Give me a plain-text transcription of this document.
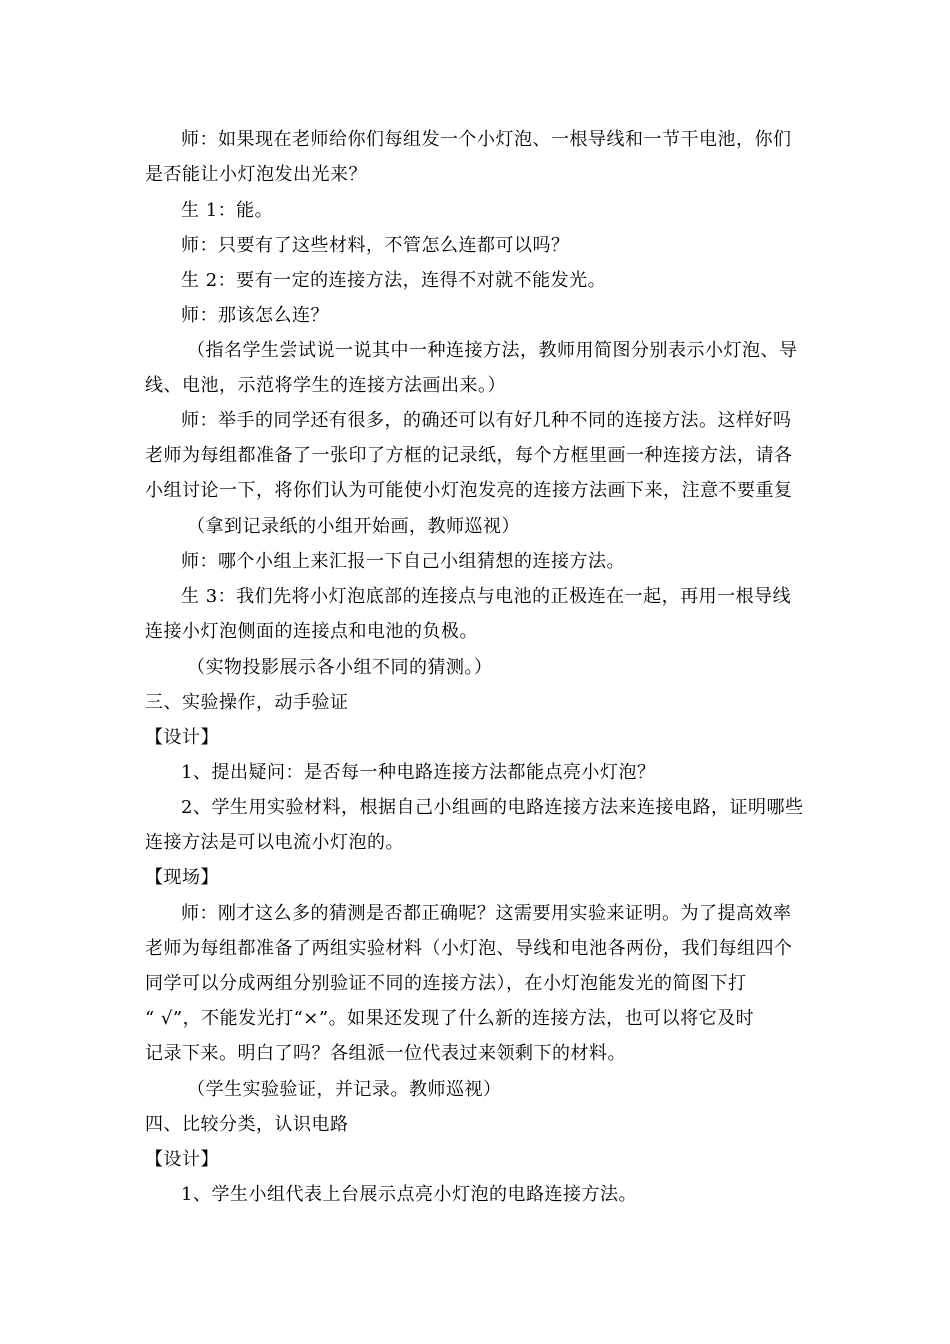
师：如果现在老师给你们每组发一个小灯泡、一根导线和一节干电池，你们
是否能让小灯泡发出光来？
生 1：能。
师：只要有了这些材料，不管怎么连都可以吗？
生 2：要有一定的连接方法，连得不对就不能发光。
师：那该怎么连？
（指名学生尝试说一说其中一种连接方法，教师用简图分别表示小灯泡、导
线、电池，示范将学生的连接方法画出来。）
师：举手的同学还有很多，的确还可以有好几种不同的连接方法。这样好吗
老师为每组都准备了一张印了方框的记录纸，每个方框里画一种连接方法，请各
小组讨论一下，将你们认为可能使小灯泡发亮的连接方法画下来，注意不要重复
（拿到记录纸的小组开始画，教师巡视）
师：哪个小组上来汇报一下自己小组猜想的连接方法。
生 3：我们先将小灯泡底部的连接点与电池的正极连在一起，再用一根导线
连接小灯泡侧面的连接点和电池的负极。
（实物投影展示各小组不同的猜测。）
三、实验操作，动手验证
【设计】
1、提出疑问：是否每一种电路连接方法都能点亮小灯泡？
2、学生用实验材料，根据自己小组画的电路连接方法来连接电路，证明哪些
连接方法是可以电流小灯泡的。
【现场】
师：刚才这么多的猜测是否都正确呢？这需要用实验来证明。为了提高效率
老师为每组都准备了两组实验材料（小灯泡、导线和电池各两份，我们每组四个
同学可以分成两组分别验证不同的连接方法），在小灯泡能发光的简图下打
“ √”，不能发光打“×”。如果还发现了什么新的连接方法，也可以将它及时
记录下来。明白了吗？各组派一位代表过来领剩下的材料。
（学生实验验证，并记录。教师巡视）
四、比较分类，认识电路
【设计】
1、学生小组代表上台展示点亮小灯泡的电路连接方法。
